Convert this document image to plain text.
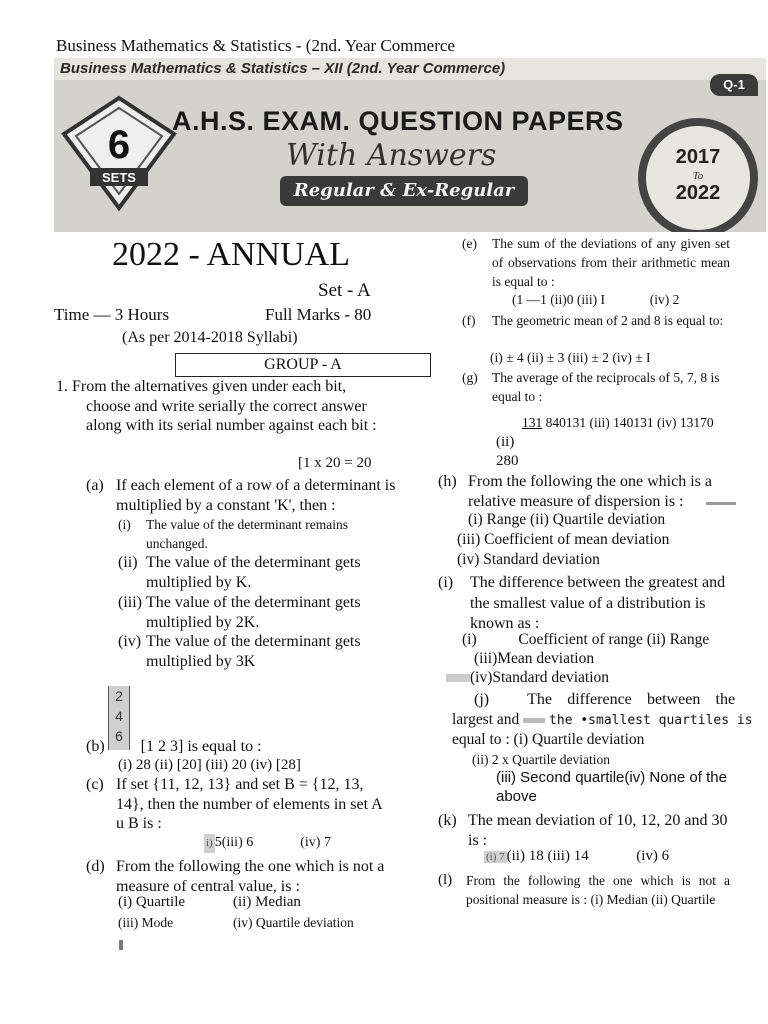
Business Mathematics & Statistics - (2nd. Year Commerce
Business Mathematics & Statistics – XII (2nd. Year Commerce)
Q-1
6
SETS
A.H.S. EXAM. QUESTION PAPERS
With Answers
Regular & Ex-Regular
2017
To
2022
2022 - ANNUAL
Set - A
Time — 3 Hours	Full Marks - 80
(As per 2014-2018 Syllabi)
GROUP - A
1. From the alternatives given under each bit, choose and write serially the correct answer along with its serial number against each bit :
[1 x 20 = 20
(a) If each element of a row of a determinant is multiplied by a constant 'K', then :
(i)	The value of the determinant remains unchanged.
(ii) The value of the determinant gets multiplied by K.
(iii) The value of the determinant gets multiplied by 2K.
(iv) The value of the determinant gets multiplied by 3K
2
4
6
(b) [1 2 3] is equal to :
(i) 28 (ii) [20] (iii) 20 (iv) [28]
(c) If set {11, 12, 13} and set B = {12, 13, 14}, then the number of elements in set A u B is :
i) 5(iii) 6	(iv) 7
(d) From the following the one which is not a measure of central value, is :
(i) Quartile	(ii) Median
(iii) Mode	(iv) Quartile deviation
(e)	The sum of the deviations of any given set of observations from their arithmetic mean is equal to :
(1 —1 (ii)0 (iii) I	(iv) 2
(f)	The geometric mean of 2 and 8 is equal to:
(i) ± 4 (ii) ± 3 (iii) ± 2 (iv) ± I
(g)	The average of the reciprocals of 5, 7, 8 is equal to :
131 840131 (iii) 140131 (iv) 13170
(ii)
280
(h) From the following the one which is a relative measure of dispersion is :
(i) Range (ii) Quartile deviation
(iii) Coefficient of mean deviation
(iv) Standard deviation
(i)	The difference between the greatest and the smallest value of a distribution is known as :
(i)	Coefficient of range (ii) Range
(iii)Mean deviation
(iv)Standard deviation
(j) The difference between the
largest and the •smallest quartiles is
equal to : (i) Quartile deviation
(ii) 2 x Quartile deviation
(iii) Second quartile(iv) None of the above
(k) The mean deviation of 10, 12, 20 and 30 is :
(i) 7 (ii) 18 (iii) 14	(iv) 6
(l)	From the following the one which is not a positional measure is : (i) Median (ii) Quartile
